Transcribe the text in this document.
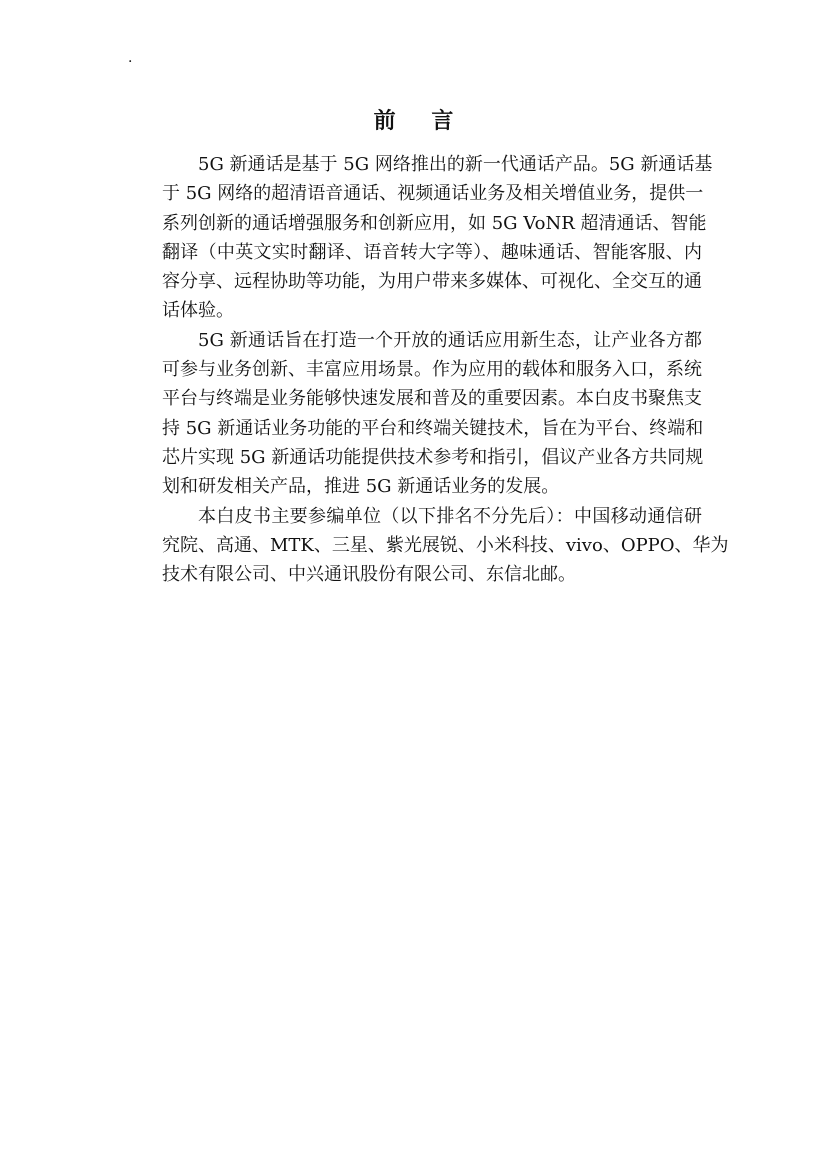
·
前 言
5G 新通话是基于 5G 网络推出的新一代通话产品。5G 新通话基
于 5G 网络的超清语音通话、视频通话业务及相关增值业务，提供一
系列创新的通话增强服务和创新应用，如 5G VoNR 超清通话、智能
翻译（中英文实时翻译、语音转大字等）、趣味通话、智能客服、内
容分享、远程协助等功能，为用户带来多媒体、可视化、全交互的通
话体验。
5G 新通话旨在打造一个开放的通话应用新生态，让产业各方都
可参与业务创新、丰富应用场景。作为应用的载体和服务入口，系统
平台与终端是业务能够快速发展和普及的重要因素。本白皮书聚焦支
持 5G 新通话业务功能的平台和终端关键技术，旨在为平台、终端和
芯片实现 5G 新通话功能提供技术参考和指引，倡议产业各方共同规
划和研发相关产品，推进 5G 新通话业务的发展。
本白皮书主要参编单位（以下排名不分先后）：中国移动通信研
究院、高通、MTK、三星、紫光展锐、小米科技、vivo、OPPO、华为
技术有限公司、中兴通讯股份有限公司、东信北邮。
